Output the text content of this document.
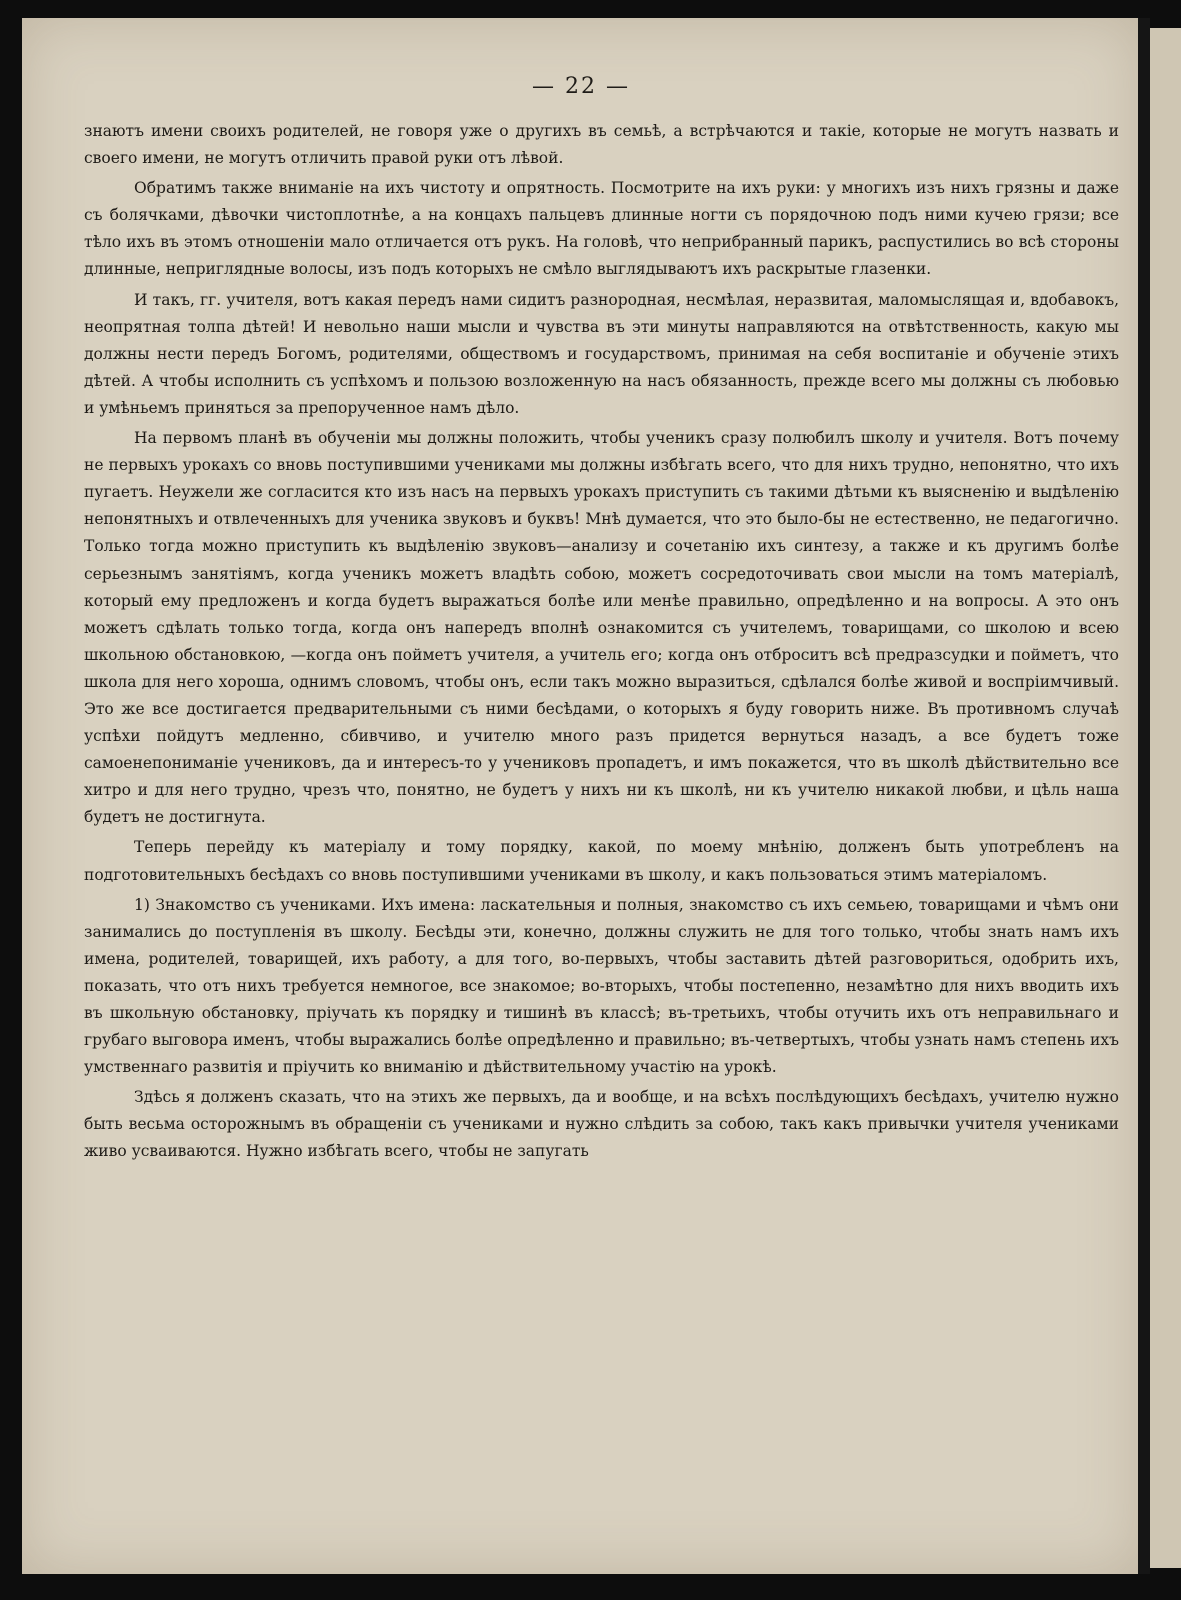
— 22 —

знаютъ имени своихъ родителей, не говоря уже о другихъ въ семьѣ, а встрѣчаются и такіе, которые не могутъ назвать и своего имени, не могутъ отличить правой руки отъ лѣвой.

Обратимъ также вниманіе на ихъ чистоту и опрятность. Посмотрите на ихъ руки: у многихъ изъ нихъ грязны и даже съ болячками, дѣвочки чистоплотнѣе, а на концахъ пальцевъ длинные ногти съ порядочною подъ ними кучею грязи; все тѣло ихъ въ этомъ отношеніи мало отличается отъ рукъ. На головѣ, что неприбранный парикъ, распустились во всѣ стороны длинные, неприглядные волосы, изъ подъ которыхъ не смѣло выглядываютъ ихъ раскрытые глазенки.

И такъ, гг. учителя, вотъ какая передъ нами сидитъ разнородная, несмѣлая, неразвитая, маломыслящая и, вдобавокъ, неопрятная толпа дѣтей! И невольно наши мысли и чувства въ эти минуты направляются на отвѣтственность, какую мы должны нести передъ Богомъ, родителями, обществомъ и государствомъ, принимая на себя воспитаніе и обученіе этихъ дѣтей. А чтобы исполнить съ успѣхомъ и пользою возложенную на насъ обязанность, прежде всего мы должны съ любовью и умѣньемъ приняться за препорученное намъ дѣло.

На первомъ планѣ въ обученіи мы должны положить, чтобы ученикъ сразу полюбилъ школу и учителя. Вотъ почему не первыхъ урокахъ со вновь поступившими учениками мы должны избѣгать всего, что для нихъ трудно, непонятно, что ихъ пугаетъ. Неужели же согласится кто изъ насъ на первыхъ урокахъ приступить съ такими дѣтьми къ выясненію и выдѣленію непонятныхъ и отвлеченныхъ для ученика звуковъ и буквъ! Мнѣ думается, что это было-бы не естественно, не педагогично. Только тогда можно приступить къ выдѣленію звуковъ—анализу и сочетанію ихъ синтезу, а также и къ другимъ болѣе серьезнымъ занятіямъ, когда ученикъ можетъ владѣть собою, можетъ сосредоточивать свои мысли на томъ матеріалѣ, который ему предложенъ и когда будетъ выражаться болѣе или менѣе правильно, опредѣленно и на вопросы. А это онъ можетъ сдѣлать только тогда, когда онъ напередъ вполнѣ ознакомится съ учителемъ, товарищами, со школою и всею школьною обстановкою, —когда онъ пойметъ учителя, а учитель его; когда онъ отброситъ всѣ предразсудки и пойметъ, что школа для него хороша, однимъ словомъ, чтобы онъ, если такъ можно выразиться, сдѣлался болѣе живой и воспріимчивый. Это же все достигается предварительными съ ними бесѣдами, о которыхъ я буду говорить ниже. Въ противномъ случаѣ успѣхи пойдутъ медленно, сбивчиво, и учителю много разъ придется вернуться назадъ, а все будетъ тоже самоенепониманіе учениковъ, да и интересъ-то у учениковъ пропадетъ, и имъ покажется, что въ школѣ дѣйствительно все хитро и для него трудно, чрезъ что, понятно, не будетъ у нихъ ни къ школѣ, ни къ учителю никакой любви, и цѣль наша будетъ не достигнута.

Теперь перейду къ матеріалу и тому порядку, какой, по моему мнѣнію, долженъ быть употребленъ на подготовительныхъ бесѣдахъ со вновь поступившими учениками въ школу, и какъ пользоваться этимъ матеріаломъ.

1) Знакомство съ учениками. Ихъ имена: ласкательныя и полныя, знакомство съ ихъ семьею, товарищами и чѣмъ они занимались до поступленія въ школу. Бесѣды эти, конечно, должны служить не для того только, чтобы знать намъ ихъ имена, родителей, товарищей, ихъ работу, а для того, во-первыхъ, чтобы заставить дѣтей разговориться, одобрить ихъ, показать, что отъ нихъ требуется немногое, все знакомое; во-вторыхъ, чтобы постепенно, незамѣтно для нихъ вводить ихъ въ школьную обстановку, пріучать къ порядку и тишинѣ въ классѣ; въ-третьихъ, чтобы отучить ихъ отъ неправильнаго и грубаго выговора именъ, чтобы выражались болѣе опредѣленно и правильно; въ-четвертыхъ, чтобы узнать намъ степень ихъ умственнаго развитія и пріучить ко вниманію и дѣйствительному участію на урокѣ.

Здѣсь я долженъ сказать, что на этихъ же первыхъ, да и вообще, и на всѣхъ послѣдующихъ бесѣдахъ, учителю нужно быть весьма осторожнымъ въ обращеніи съ учениками и нужно слѣдить за собою, такъ какъ привычки учителя учениками живо усваиваются. Нужно избѣгать всего, чтобы не запугать
